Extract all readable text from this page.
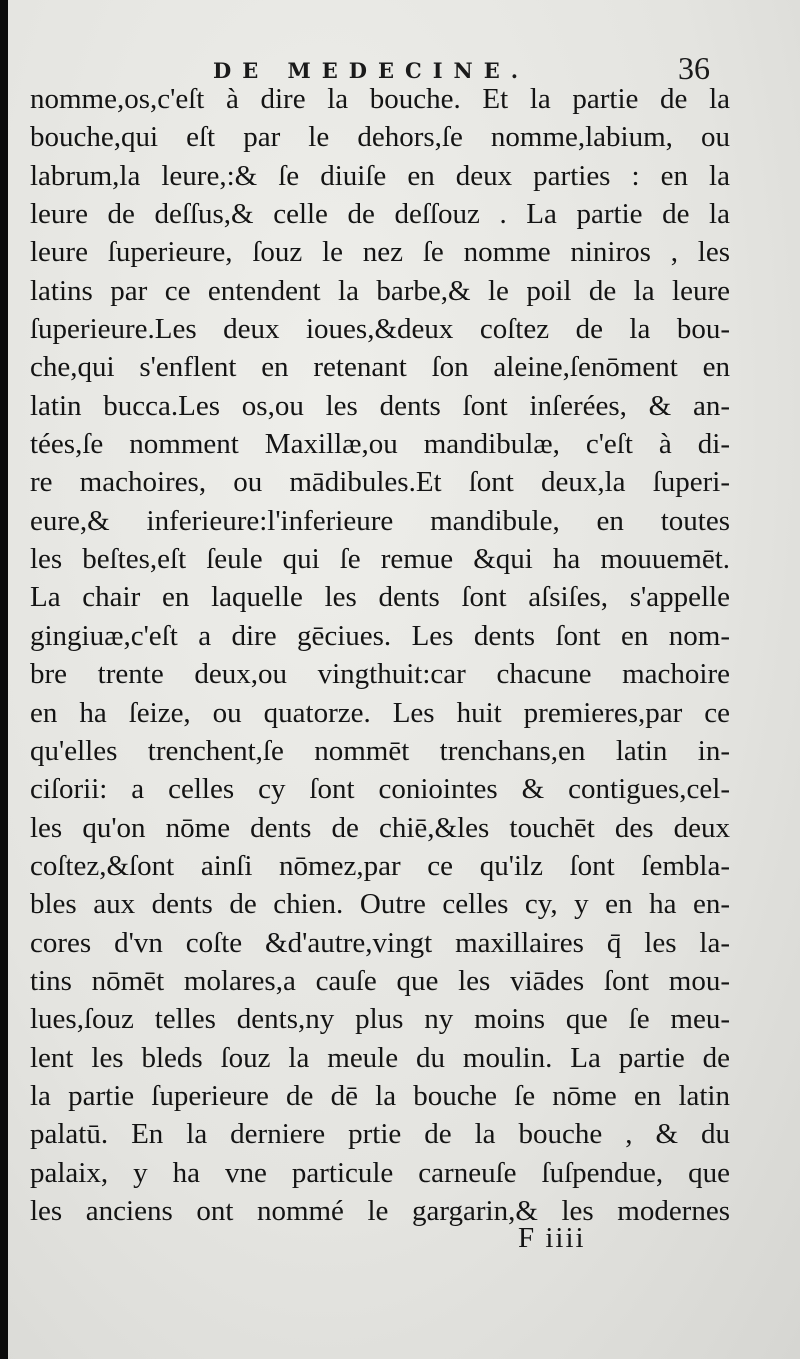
DE MEDECINE.	36
nomme,os,c'eſt à dire la bouche. Et la partie de la
bouche,qui eſt par le dehors,ſe nomme,labium, ou
labrum,la leure,:& ſe diuiſe en deux parties : en la
leure de deſſus,& celle de deſſouz . La partie de la
leure ſuperieure, ſouz le nez ſe nomme niniros , les
latins par ce entendent la barbe,& le poil de la leure
ſuperieure.Les deux ioues,&deux coſtez de la bou-
che,qui s'enflent en retenant ſon aleine,ſenōment en
latin bucca.Les os,ou les dents ſont inſerées, & an-
tées,ſe nomment Maxillæ,ou mandibulæ, c'eſt à di-
re machoires, ou mādibules.Et ſont deux,la ſuperi-
eure,& inferieure:l'inferieure mandibule, en toutes
les beſtes,eſt ſeule qui ſe remue &qui ha mouuemēt.
La chair en laquelle les dents ſont aſsiſes, s'appelle
gingiuæ,c'eſt a dire gēciues. Les dents ſont en nom-
bre trente deux,ou vingthuit:car chacune machoire
en ha ſeize, ou quatorze. Les huit premieres,par ce
qu'elles trenchent,ſe nommēt trenchans,en latin in-
ciſorii: a celles cy ſont coniointes & contigues,cel-
les qu'on nōme dents de chiē,&les touchēt des deux
coſtez,&ſont ainſi nōmez,par ce qu'ilz ſont ſembla-
bles aux dents de chien. Outre celles cy, y en ha en-
cores d'vn coſte &d'autre,vingt maxillaires q̄ les la-
tins nōmēt molares,a cauſe que les viādes ſont mou-
lues,ſouz telles dents,ny plus ny moins que ſe meu-
lent les bleds ſouz la meule du moulin. La partie de
la partie ſuperieure de dē la bouche ſe nōme en latin
palatū. En la derniere prtie de la bouche , & du
palaix, y ha vne particule carneuſe ſuſpendue, que
les anciens ont nommé le gargarin,& les modernes
F iiii
